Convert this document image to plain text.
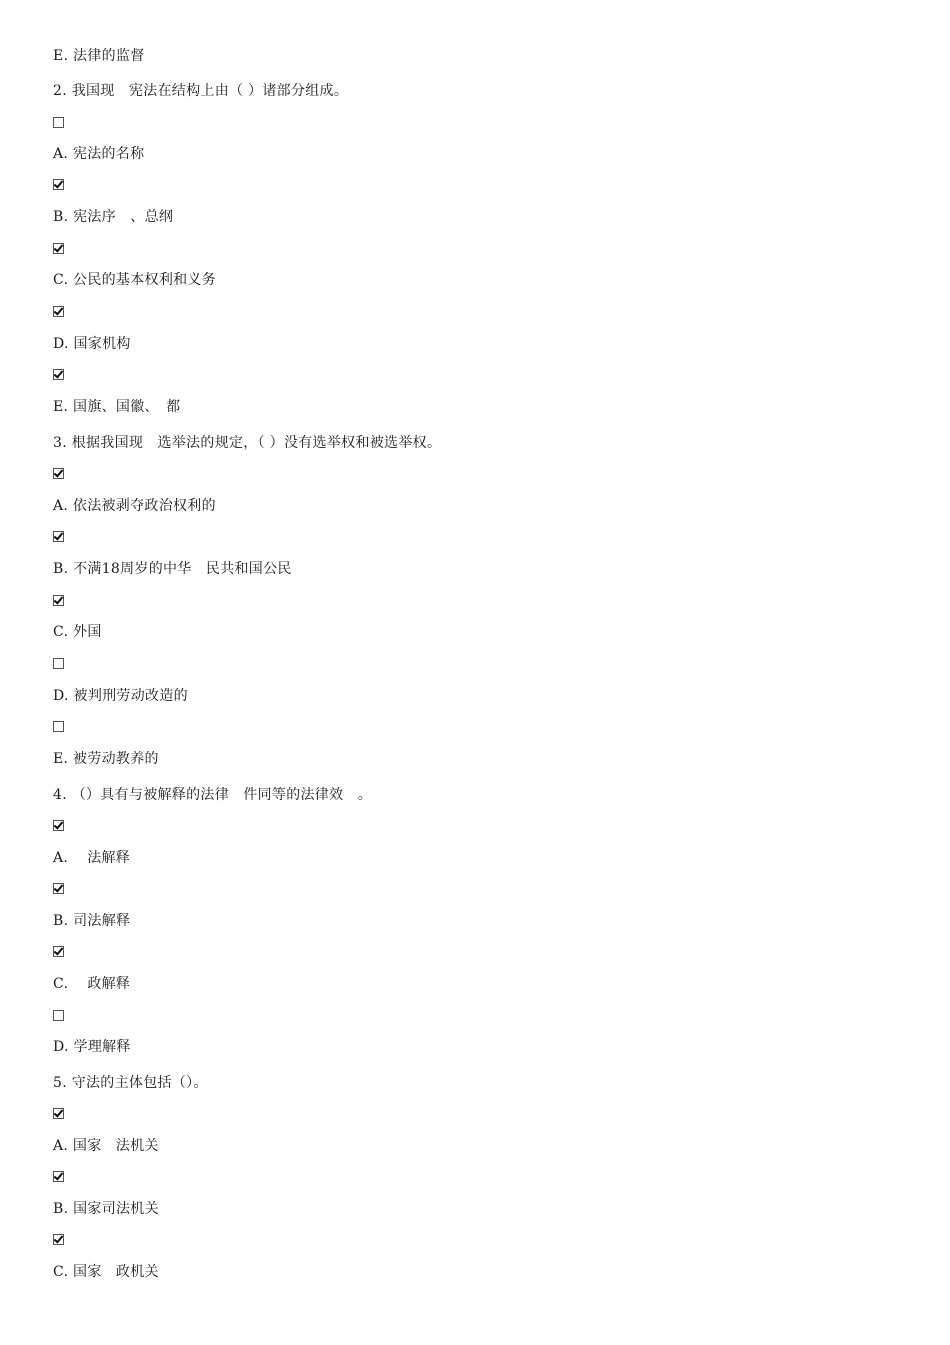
E. 法律的监督
2. 我国现　宪法在结构上由（ ）诸部分组成。
A. 宪法的名称
B. 宪法序　、总纲
C. 公民的基本权利和义务
D. 国家机构
E. 国旗、国徽、　都
3. 根据我国现　选举法的规定，（ ）没有选举权和被选举权。
A. 依法被剥夺政治权利的
B. 不满18周岁的中华　民共和国公民
C. 外国
D. 被判刑劳动改造的
E. 被劳动教养的
4. （）具有与被解释的法律　件同等的法律效　。
A. 　法解释
B. 司法解释
C. 　政解释
D. 学理解释
5. 守法的主体包括（）。
A. 国家　法机关
B. 国家司法机关
C. 国家　政机关
